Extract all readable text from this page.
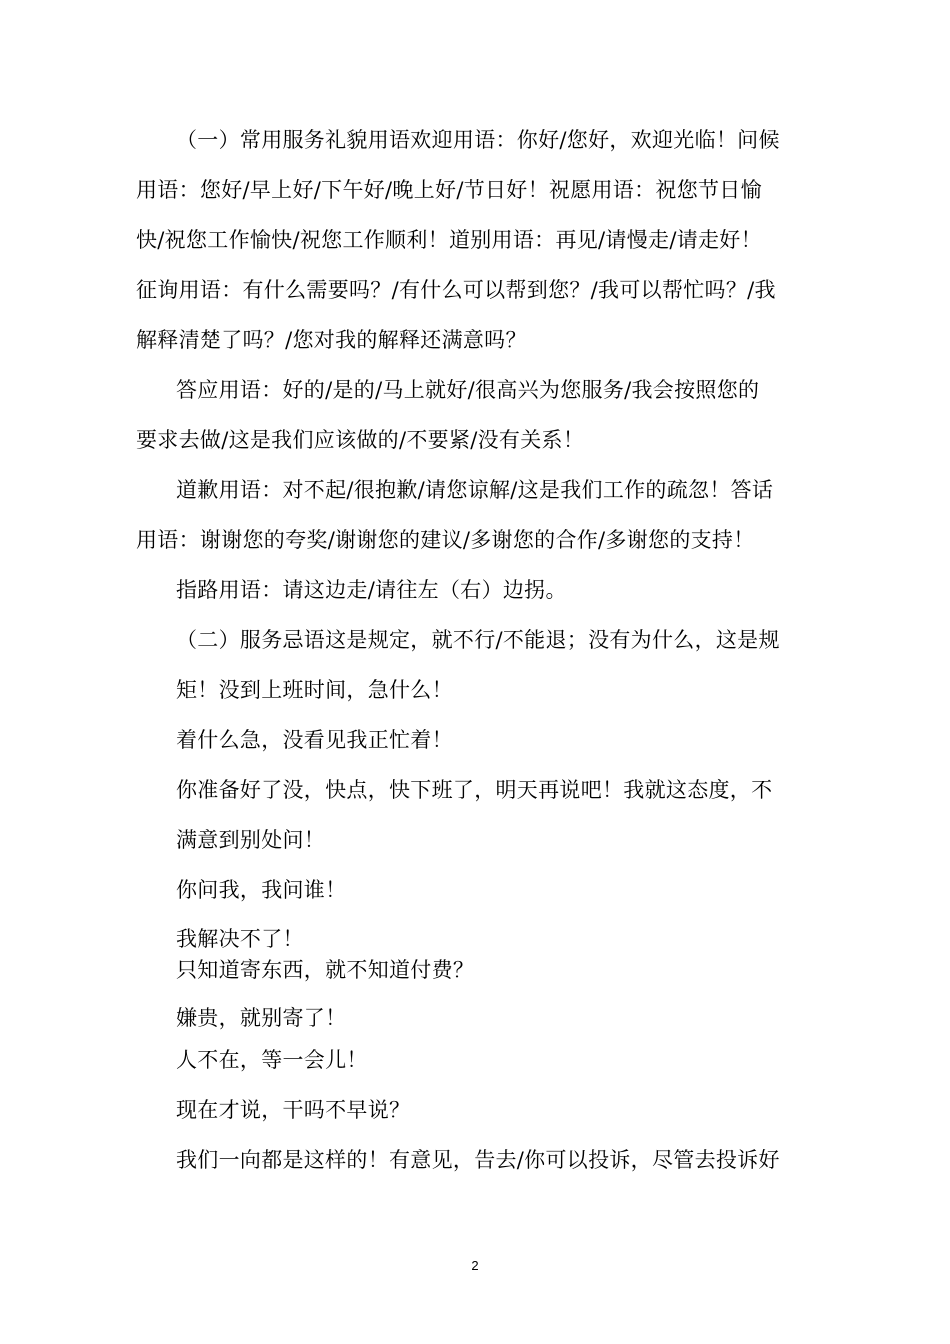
（一）常用服务礼貌用语欢迎用语：你好/您好，欢迎光临！问候
用语：您好/早上好/下午好/晚上好/节日好！祝愿用语：祝您节日愉
快/祝您工作愉快/祝您工作顺利！道别用语：再见/请慢走/请走好！
征询用语：有什么需要吗？/有什么可以帮到您？/我可以帮忙吗？/我
解释清楚了吗？/您对我的解释还满意吗？
答应用语：好的/是的/马上就好/很高兴为您服务/我会按照您的
要求去做/这是我们应该做的/不要紧/没有关系！
道歉用语：对不起/很抱歉/请您谅解/这是我们工作的疏忽！答话
用语：谢谢您的夸奖/谢谢您的建议/多谢您的合作/多谢您的支持！
指路用语：请这边走/请往左（右）边拐。
（二）服务忌语这是规定，就不行/不能退；没有为什么，这是规
矩！没到上班时间，急什么！
着什么急，没看见我正忙着！
你准备好了没，快点，快下班了，明天再说吧！我就这态度，不
满意到别处问！
你问我，我问谁！
我解决不了！
只知道寄东西，就不知道付费？
嫌贵，就别寄了！
人不在，等一会儿！
现在才说，干吗不早说？
我们一向都是这样的！有意见，告去/你可以投诉，尽管去投诉好
2
